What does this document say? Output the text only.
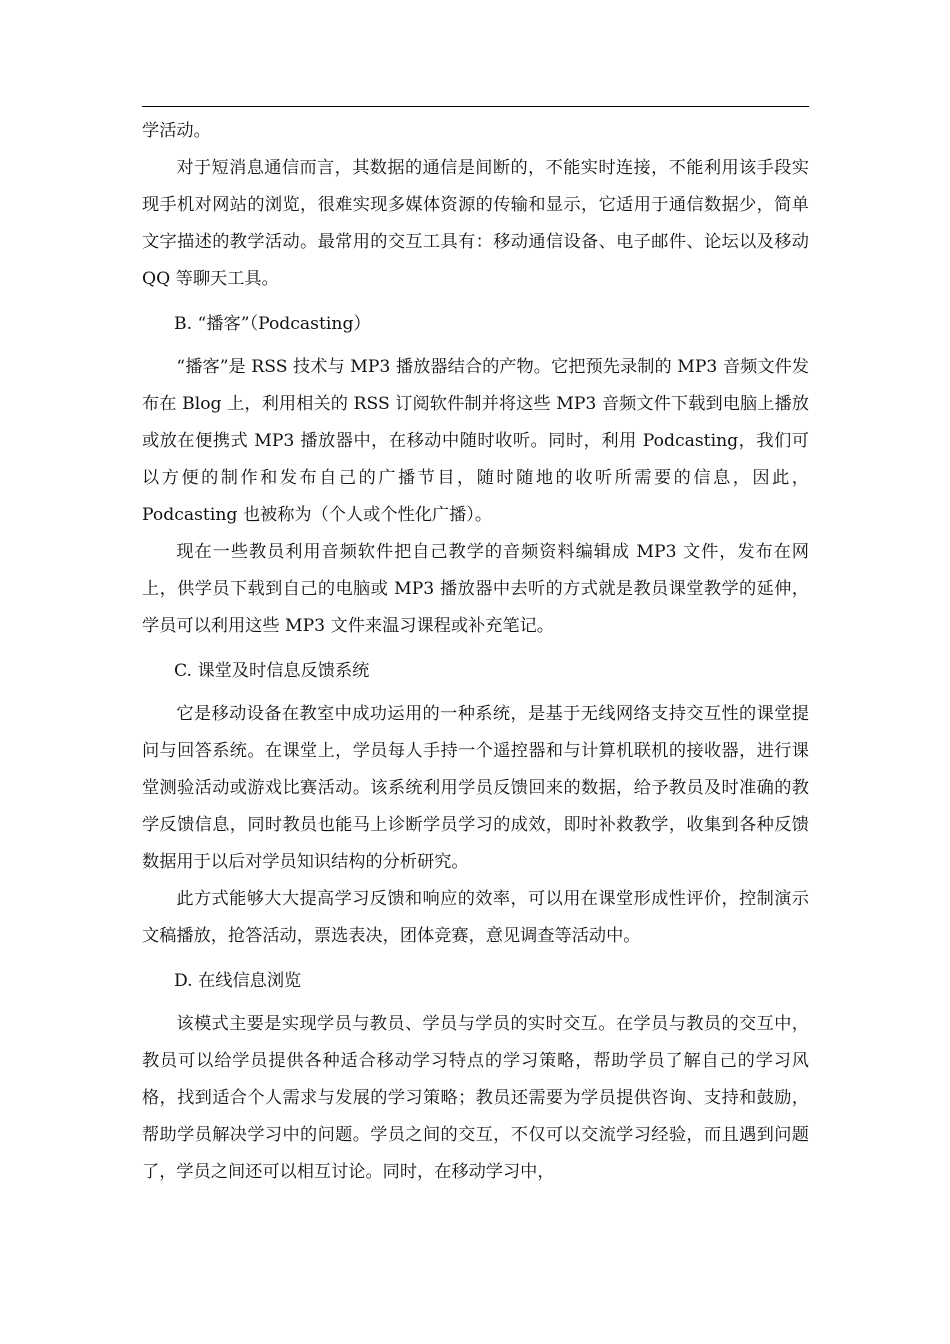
学活动。

对于短消息通信而言，其数据的通信是间断的，不能实时连接，不能利用该手段实现手机对网站的浏览，很难实现多媒体资源的传输和显示，它适用于通信数据少，简单文字描述的教学活动。最常用的交互工具有：移动通信设备、电子邮件、论坛以及移动 QQ 等聊天工具。

B. “播客”（Podcasting）

“播客”是 RSS 技术与 MP3 播放器结合的产物。它把预先录制的 MP3 音频文件发布在 Blog 上，利用相关的 RSS 订阅软件制并将这些 MP3 音频文件下载到电脑上播放或放在便携式 MP3 播放器中，在移动中随时收听。同时，利用 Podcasting，我们可以方便的制作和发布自己的广播节目，随时随地的收听所需要的信息，因此，Podcasting 也被称为（个人或个性化广播）。

现在一些教员利用音频软件把自己教学的音频资料编辑成 MP3 文件，发布在网上，供学员下载到自己的电脑或 MP3 播放器中去听的方式就是教员课堂教学的延伸，学员可以利用这些 MP3 文件来温习课程或补充笔记。

C. 课堂及时信息反馈系统

它是移动设备在教室中成功运用的一种系统，是基于无线网络支持交互性的课堂提问与回答系统。在课堂上，学员每人手持一个遥控器和与计算机联机的接收器，进行课堂测验活动或游戏比赛活动。该系统利用学员反馈回来的数据，给予教员及时准确的教学反馈信息，同时教员也能马上诊断学员学习的成效，即时补救教学，收集到各种反馈数据用于以后对学员知识结构的分析研究。

此方式能够大大提高学习反馈和响应的效率，可以用在课堂形成性评价，控制演示文稿播放，抢答活动，票选表决，团体竞赛，意见调查等活动中。

D. 在线信息浏览

该模式主要是实现学员与教员、学员与学员的实时交互。在学员与教员的交互中，教员可以给学员提供各种适合移动学习特点的学习策略，帮助学员了解自己的学习风格，找到适合个人需求与发展的学习策略；教员还需要为学员提供咨询、支持和鼓励，帮助学员解决学习中的问题。学员之间的交互，不仅可以交流学习经验，而且遇到问题了，学员之间还可以相互讨论。同时，在移动学习中，
